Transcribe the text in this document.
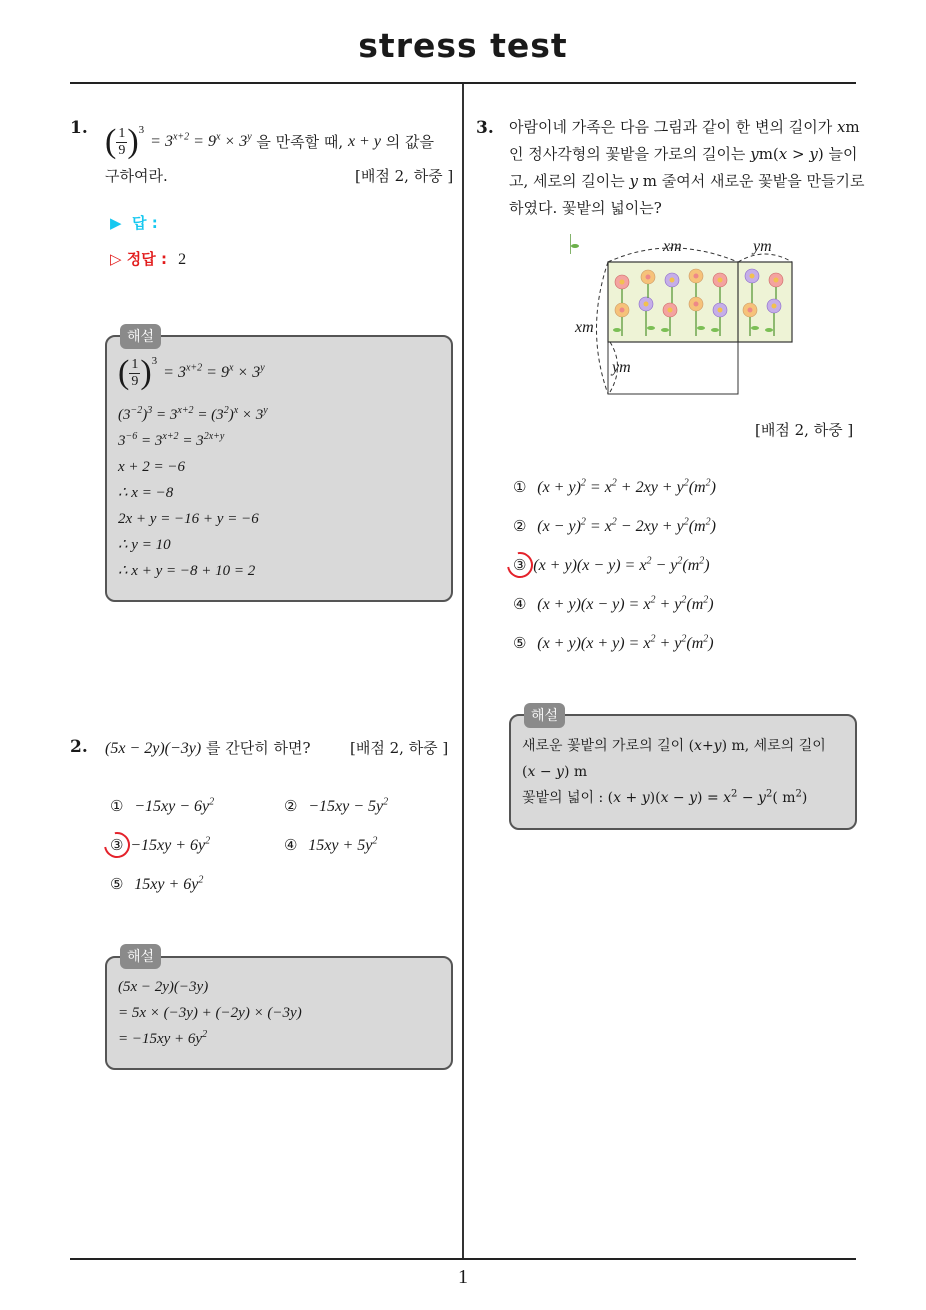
stress test
1
1. ( $\frac{1}{9} )^3$
= $3^{x+2} = 9^x \times 3^y$ 을 만족할 때, x + y 의 값을
구하여라.	[배점 2, 하중 ]
▶  답 :
▷ 정답 : 2
해설
( $\frac{1}{9} )^3$
= $3^{x+2} = 9^x \times 3^y$
$(3^{-2})^3 = 3^{x+2} = (3^2)^x \times 3^y$
$3^{-6} = 3^{x+2} = 3^{2x+y}$
x + 2 = −6
∴ x = −8
2x + y = −16 + y = −6
∴ y = 10
∴ x + y = −8 + 10 = 2
2. (5x − 2y)(−3y) 를 간단히 하면?	[배점 2, 하중 ]
① $-15xy - 6y^2$	② $-15xy - 5y^2$
③ $-15xy + 6y^2$	④ $15xy + 5y^2$
⑤ $15xy + 6y^2$
해설
(5x − 2y)(−3y)
= 5x × (−3y) + (−2y) × (−3y)
= $-15xy + 6y^2$
3. 아람이네 가족은 다음 그림과 같이 한 변의 길이가 xm
인 정사각형의 꽃밭을 가로의 길이는 ym(x > y) 늘이
고, 세로의 길이는 y m 줄여서 새로운 꽃밭을 만들기로
하였다. 꽃밭의 넓이는?
xm	ym
xm
ym
[배점 2, 하중 ]
① $(x + y)^2 = x^2 + 2xy + y^2(m^2)$
② $(x - y)^2 = x^2 - 2xy + y^2(m^2)$
③ $(x + y)(x - y) = x^2 - y^2(m^2)$
④ $(x + y)(x - y) = x^2 + y^2(m^2)$
⑤ $(x + y)(x + y) = x^2 + y^2(m^2)$
해설
새로운 꽃밭의 가로의 길이 (x+y) m, 세로의 길이
(x − y) m
꽃밭의 넓이 : $(x + y)(x - y) = x^2 - y^2$( $m^2$)
